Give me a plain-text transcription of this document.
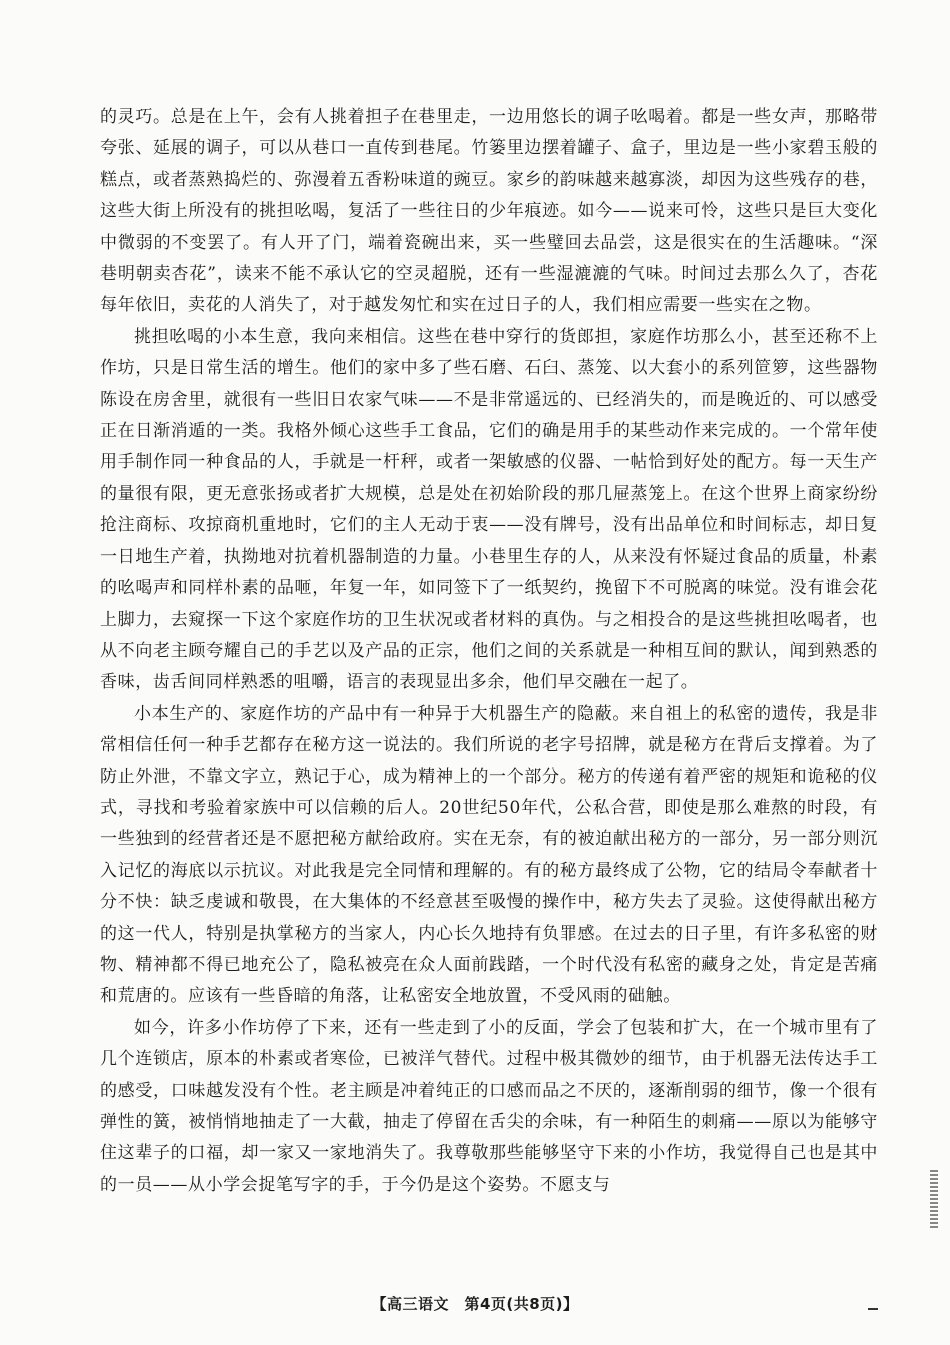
的灵巧。总是在上午，会有人挑着担子在巷里走，一边用悠长的调子吆喝着。都是一些女声，那略带夸张、延展的调子，可以从巷口一直传到巷尾。竹篓里边摆着罐子、盒子，里边是一些小家碧玉般的糕点，或者蒸熟捣烂的、弥漫着五香粉味道的豌豆。家乡的韵味越来越寡淡，却因为这些残存的巷，这些大街上所没有的挑担吆喝，复活了一些往日的少年痕迹。如今——说来可怜，这些只是巨大变化中微弱的不变罢了。有人开了门，端着瓷碗出来，买一些璧回去品尝，这是很实在的生活趣味。“深巷明朝卖杏花”，读来不能不承认它的空灵超脱，还有一些湿漉漉的气味。时间过去那么久了，杏花每年依旧，卖花的人消失了，对于越发匆忙和实在过日子的人，我们相应需要一些实在之物。

挑担吆喝的小本生意，我向来相信。这些在巷中穿行的货郎担，家庭作坊那么小，甚至还称不上作坊，只是日常生活的增生。他们的家中多了些石磨、石臼、蒸笼、以大套小的系列笸箩，这些器物陈设在房舍里，就很有一些旧日农家气味——不是非常遥远的、已经消失的，而是晚近的、可以感受正在日渐消遁的一类。我格外倾心这些手工食品，它们的确是用手的某些动作来完成的。一个常年使用手制作同一种食品的人，手就是一杆秤，或者一架敏感的仪器、一帖恰到好处的配方。每一天生产的量很有限，更无意张扬或者扩大规模，总是处在初始阶段的那几屉蒸笼上。在这个世界上商家纷纷抢注商标、攻掠商机重地时，它们的主人无动于衷——没有牌号，没有出品单位和时间标志，却日复一日地生产着，执拗地对抗着机器制造的力量。小巷里生存的人，从来没有怀疑过食品的质量，朴素的吆喝声和同样朴素的品咂，年复一年，如同签下了一纸契约，挽留下不可脱离的味觉。没有谁会花上脚力，去窥探一下这个家庭作坊的卫生状况或者材料的真伪。与之相投合的是这些挑担吆喝者，也从不向老主顾夸耀自己的手艺以及产品的正宗，他们之间的关系就是一种相互间的默认，闻到熟悉的香味，齿舌间同样熟悉的咀嚼，语言的表现显出多余，他们早交融在一起了。

小本生产的、家庭作坊的产品中有一种异于大机器生产的隐蔽。来自祖上的私密的遗传，我是非常相信任何一种手艺都存在秘方这一说法的。我们所说的老字号招牌，就是秘方在背后支撑着。为了防止外泄，不靠文字立，熟记于心，成为精神上的一个部分。秘方的传递有着严密的规矩和诡秘的仪式，寻找和考验着家族中可以信赖的后人。20世纪50年代，公私合营，即使是那么难熬的时段，有一些独到的经营者还是不愿把秘方献给政府。实在无奈，有的被迫献出秘方的一部分，另一部分则沉入记忆的海底以示抗议。对此我是完全同情和理解的。有的秘方最终成了公物，它的结局令奉献者十分不快：缺乏虔诚和敬畏，在大集体的不经意甚至吸慢的操作中，秘方失去了灵验。这使得献出秘方的这一代人，特别是执掌秘方的当家人，内心长久地持有负罪感。在过去的日子里，有许多私密的财物、精神都不得已地充公了，隐私被亮在众人面前践踏，一个时代没有私密的藏身之处，肯定是苦痛和荒唐的。应该有一些昏暗的角落，让私密安全地放置，不受风雨的础触。

如今，许多小作坊停了下来，还有一些走到了小的反面，学会了包装和扩大，在一个城市里有了几个连锁店，原本的朴素或者寒俭，已被洋气替代。过程中极其微妙的细节，由于机器无法传达手工的感受，口味越发没有个性。老主顾是冲着纯正的口感而品之不厌的，逐渐削弱的细节，像一个很有弹性的簧，被悄悄地抽走了一大截，抽走了停留在舌尖的余味，有一种陌生的刺痛——原以为能够守住这辈子的口福，却一家又一家地消失了。我尊敬那些能够坚守下来的小作坊，我觉得自己也是其中的一员——从小学会捉笔写字的手，于今仍是这个姿势。不愿支与

【高三语文　第4页(共8页)】
